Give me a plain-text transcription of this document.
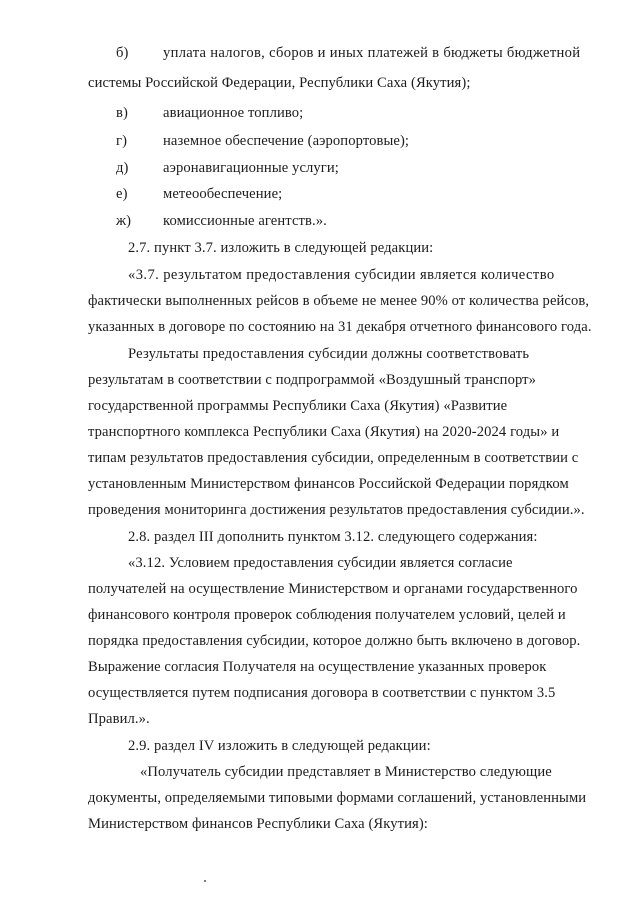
б) уплата налогов, сборов и иных платежей в бюджеты бюджетной
системы Российской Федерации, Республики Саха (Якутия);
в) авиационное топливо;
г) наземное обеспечение (аэропортовые);
д) аэронавигационные услуги;
е) метеообеспечение;
ж) комиссионные агентств.».
2.7. пункт 3.7. изложить в следующей редакции:
«3.7. результатом предоставления субсидии является количество
фактически выполненных рейсов в объеме не менее 90% от количества рейсов,
указанных в договоре по состоянию на 31 декабря отчетного финансового года.
Результаты предоставления субсидии должны соответствовать
результатам в соответствии с подпрограммой «Воздушный транспорт»
государственной программы Республики Саха (Якутия) «Развитие
транспортного комплекса Республики Саха (Якутия) на 2020-2024 годы» и
типам результатов предоставления субсидии, определенным в соответствии с
установленным Министерством финансов Российской Федерации порядком
проведения мониторинга достижения результатов предоставления субсидии.».
2.8. раздел III дополнить пунктом 3.12. следующего содержания:
«3.12. Условием предоставления субсидии является согласие
получателей на осуществление Министерством и органами государственного
финансового контроля проверок соблюдения получателем условий, целей и
порядка предоставления субсидии, которое должно быть включено в договор.
Выражение согласия Получателя на осуществление указанных проверок
осуществляется путем подписания договора в соответствии с пунктом 3.5
Правил.».
2.9. раздел IV изложить в следующей редакции:
«Получатель субсидии представляет в Министерство следующие
документы, определяемыми типовыми формами соглашений, установленными
Министерством финансов Республики Саха (Якутия):
